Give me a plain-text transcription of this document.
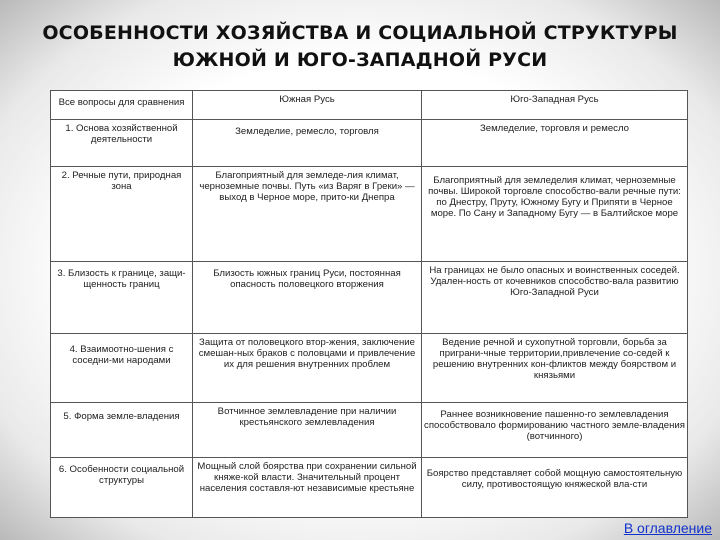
ОСОБЕННОСТИ ХОЗЯЙСТВА И СОЦИАЛЬНОЙ СТРУКТУРЫ
ЮЖНОЙ И ЮГО-ЗАПАДНОЙ РУСИ
Все вопросы для сравнения	Южная Русь	Юго-Западная Русь
1. Основа хозяйственной деятельности	Земледелие, ремесло, торговля	Земледелие, торговля и ремесло
2. Речные пути, природная зона	Благоприятный для земледе-лия климат, черноземные почвы. Путь «из Варяг в Греки» — выход в Черное море, прито-ки Днепра	Благоприятный для земледелия климат, черноземные почвы. Широкой торговле способство-вали речные пути: по Днестру, Пруту, Южному Бугу и Припяти в Черное море. По Сану и Западному Бугу — в Балтийское море
3. Близость к границе, защи-щенность границ	Близость южных границ Руси, постоянная опасность половецкого вторжения	На границах не было опасных и воинственных соседей. Удален-ность от кочевников способство-вала развитию Юго-Западной Руси
4. Взаимоотно-шения с соседни-ми народами	Защита от половецкого втор-жения, заключение смешан-ных браков с половцами и привлечение их для решения внутренних проблем	Ведение речной и сухопутной торговли, борьба за приграни-чные территории,привлечение со-седей к решению внутренних кон-фликтов между боярством и князьями
5. Форма земле-владения	Вотчинное землевладение при наличии крестьянского землевладения	Раннее возникновение пашенно-го землевладения способствовало формированию частного земле-владения (вотчинного)
6. Особенности социальной структуры	Мощный слой боярства при сохранении сильной княже-кой власти. Значительный процент населения составля-ют независимые крестьяне	Боярство представляет собой мощную самостоятельную силу, противостоящую княжеской вла-сти
В оглавление
